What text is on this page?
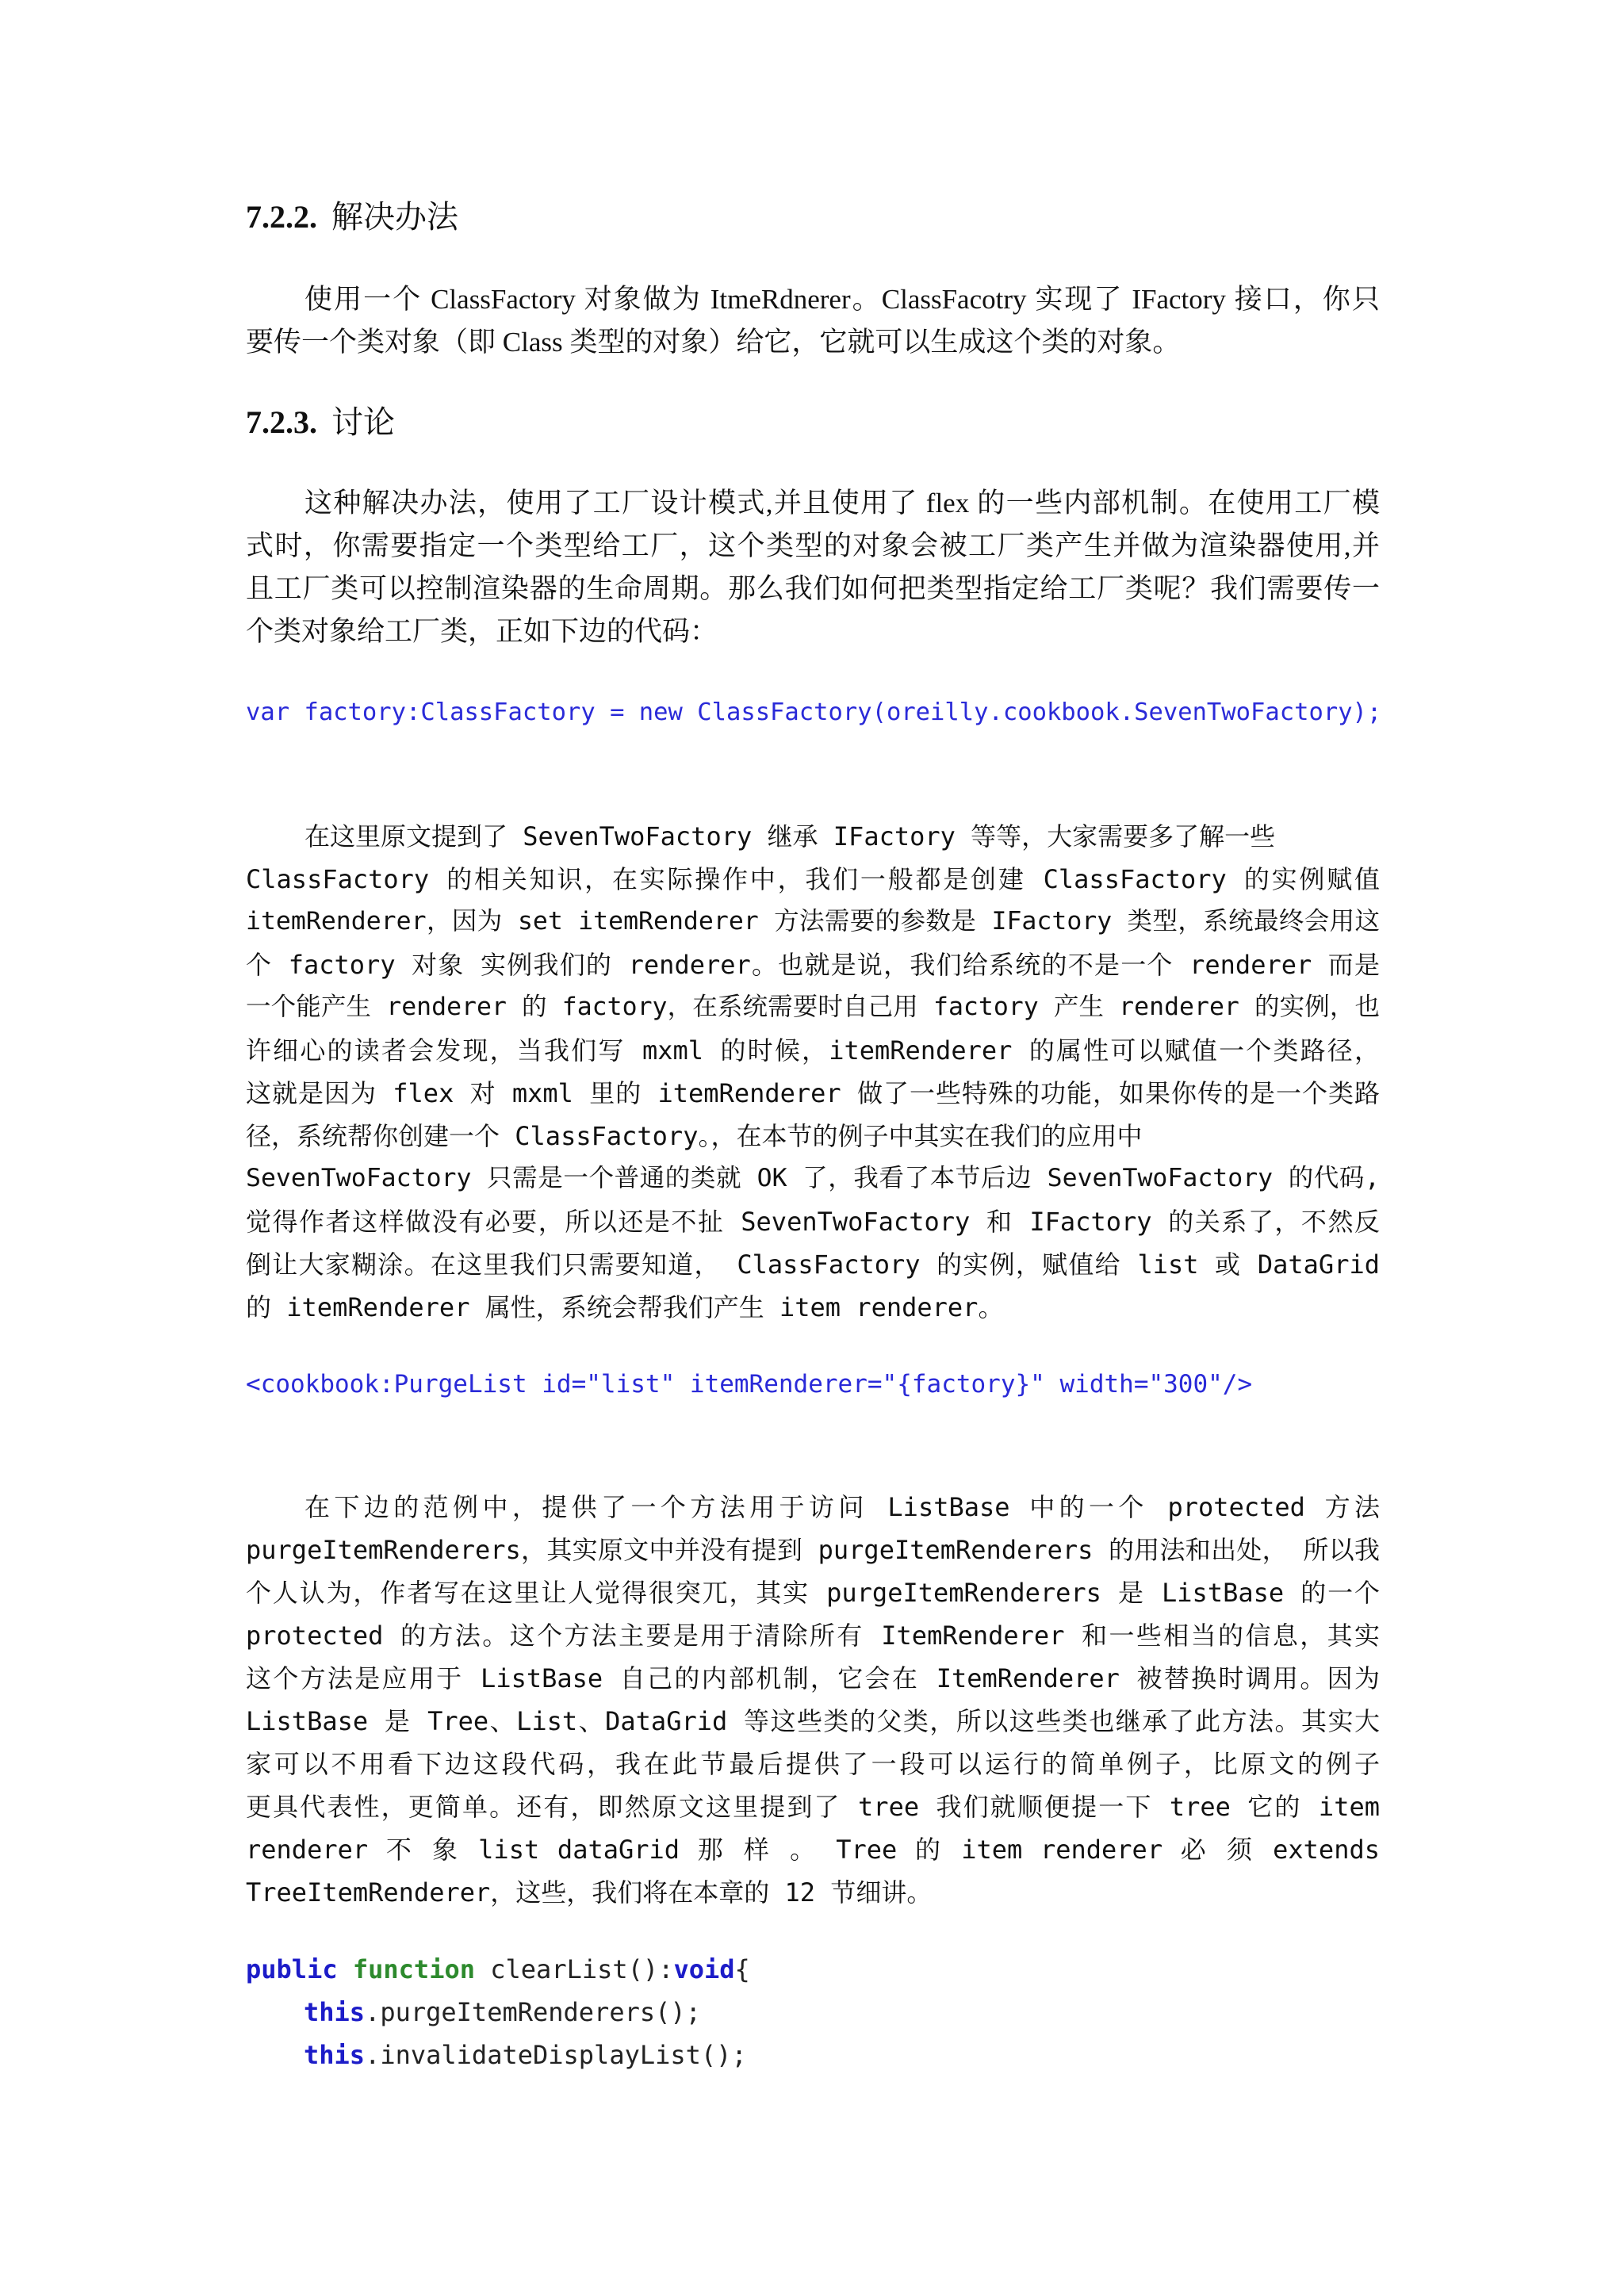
7.2.2. 解决办法
使用一个 ClassFactory 对象做为 ItmeRdnerer。ClassFacotry 实现了 IFactory 接口，你只
要传一个类对象（即 Class 类型的对象）给它，它就可以生成这个类的对象。
7.2.3. 讨论
这种解决办法，使用了工厂设计模式,并且使用了 flex 的一些内部机制。在使用工厂模
式时，你需要指定一个类型给工厂，这个类型的对象会被工厂类产生并做为渲染器使用,并
且工厂类可以控制渲染器的生命周期。那么我们如何把类型指定给工厂类呢？我们需要传一
个类对象给工厂类，正如下边的代码：
var factory:ClassFactory = new ClassFactory(oreilly.cookbook.SevenTwoFactory);
在这里原文提到了 SevenTwoFactory 继承 IFactory 等等，大家需要多了解一些
ClassFactory 的相关知识，在实际操作中，我们一般都是创建 ClassFactory 的实例赋值
itemRenderer，因为 set itemRenderer 方法需要的参数是 IFactory 类型，系统最终会用这
个 factory 对象 实例我们的 renderer。也就是说，我们给系统的不是一个 renderer 而是
一个能产生 renderer 的 factory，在系统需要时自己用 factory 产生 renderer 的实例，也
许细心的读者会发现，当我们写 mxml 的时候，itemRenderer 的属性可以赋值一个类路径，
这就是因为 flex 对 mxml 里的 itemRenderer 做了一些特殊的功能，如果你传的是一个类路
径，系统帮你创建一个 ClassFactory。，在本节的例子中其实在我们的应用中
SevenTwoFactory 只需是一个普通的类就 OK 了，我看了本节后边 SevenTwoFactory 的代码,
觉得作者这样做没有必要，所以还是不扯 SevenTwoFactory 和 IFactory 的关系了，不然反
倒让大家糊涂。在这里我们只需要知道， ClassFactory 的实例，赋值给 list 或 DataGrid
的 itemRenderer 属性，系统会帮我们产生 item renderer。
<cookbook:PurgeList id="list" itemRenderer="{factory}" width="300"/>
在下边的范例中，提供了一个方法用于访问 ListBase 中的一个 protected 方法
purgeItemRenderers，其实原文中并没有提到 purgeItemRenderers 的用法和出处， 所以我
个人认为，作者写在这里让人觉得很突兀，其实 purgeItemRenderers 是 ListBase 的一个
protected 的方法。这个方法主要是用于清除所有 ItemRenderer 和一些相当的信息，其实
这个方法是应用于 ListBase 自己的内部机制，它会在 ItemRenderer 被替换时调用。因为
ListBase 是 Tree、List、DataGrid 等这些类的父类，所以这些类也继承了此方法。其实大
家可以不用看下边这段代码，我在此节最后提供了一段可以运行的简单例子，比原文的例子
更具代表性，更简单。还有，即然原文这里提到了 tree 我们就顺便提一下 tree 它的 item
renderer 不 象 list dataGrid 那 样 。 Tree 的 item renderer 必 须 extends
TreeItemRenderer，这些，我们将在本章的 12 节细讲。
public function clearList():void{
this.purgeItemRenderers();
this.invalidateDisplayList();
